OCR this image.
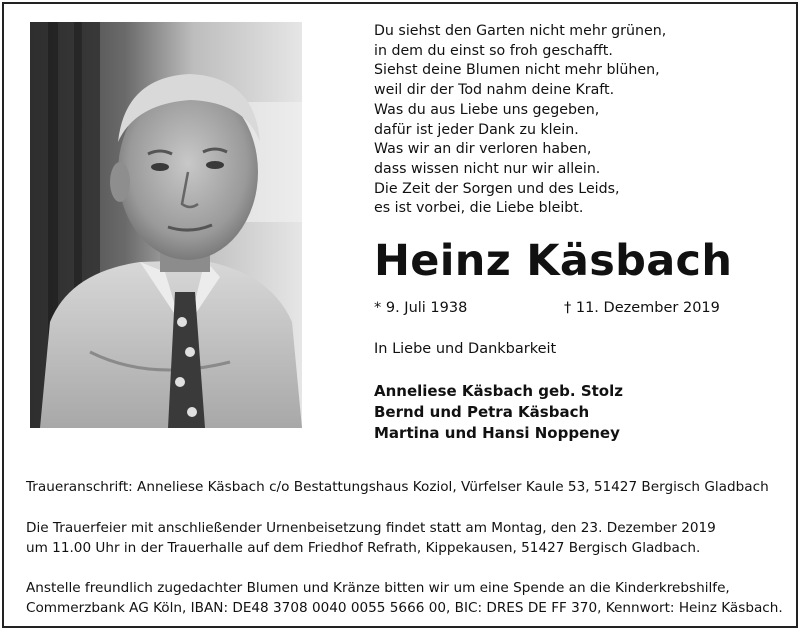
Du siehst den Garten nicht mehr grünen,
in dem du einst so froh geschafft.
Siehst deine Blumen nicht mehr blühen,
weil dir der Tod nahm deine Kraft.
Was du aus Liebe uns gegeben,
dafür ist jeder Dank zu klein.
Was wir an dir verloren haben,
dass wissen nicht nur wir allein.
Die Zeit der Sorgen und des Leids,
es ist vorbei, die Liebe bleibt.
Heinz Käsbach
* 9. Juli 1938	† 11. Dezember 2019
In Liebe und Dankbarkeit
Anneliese Käsbach geb. Stolz
Bernd und Petra Käsbach
Martina und Hansi Noppeney
Traueranschrift: Anneliese Käsbach c/o Bestattungshaus Koziol, Vürfelser Kaule 53, 51427 Bergisch Gladbach
Die Trauerfeier mit anschließender Urnenbeisetzung findet statt am Montag, den 23. Dezember 2019
um 11.00 Uhr in der Trauerhalle auf dem Friedhof Refrath, Kippekausen, 51427 Bergisch Gladbach.
Anstelle freundlich zugedachter Blumen und Kränze bitten wir um eine Spende an die Kinderkrebshilfe,
Commerzbank AG Köln, IBAN: DE48 3708 0040 0055 5666 00, BIC: DRES DE FF 370, Kennwort: Heinz Käsbach.
